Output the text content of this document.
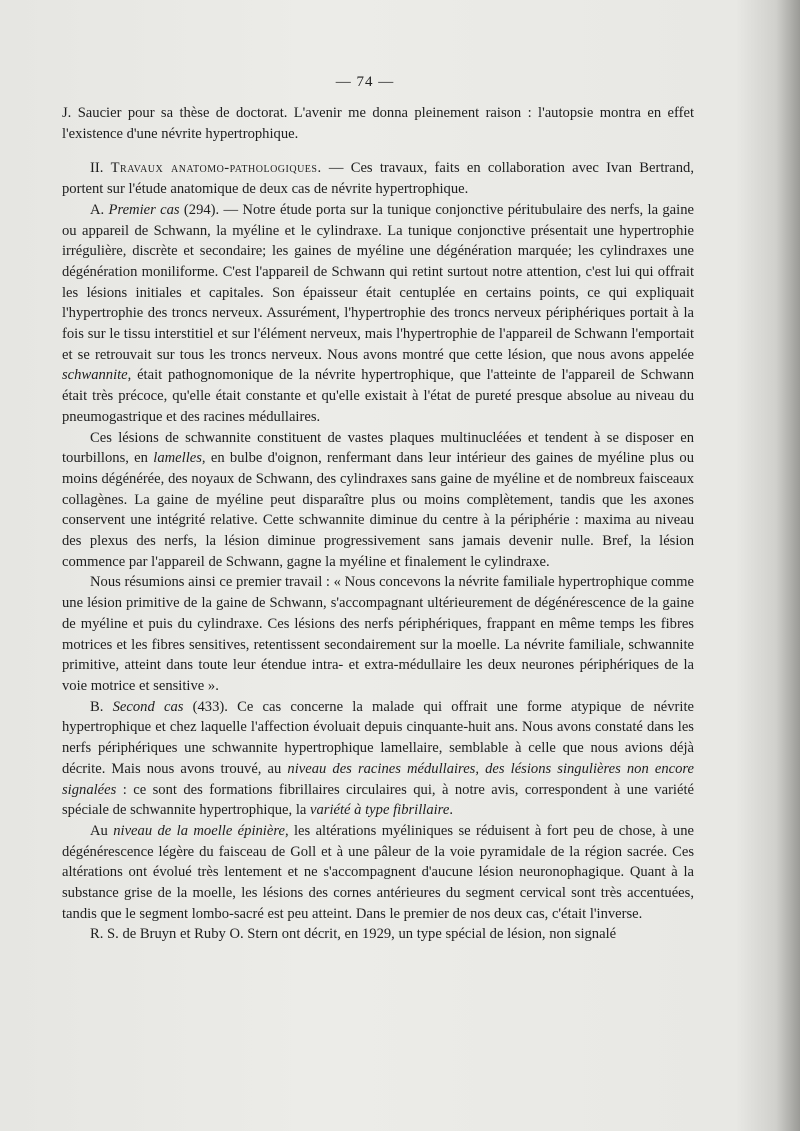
— 74 —

J. Saucier pour sa thèse de doctorat. L'avenir me donna pleinement raison : l'autopsie montra en effet l'existence d'une névrite hypertrophique.

II. Travaux anatomo-pathologiques. — Ces travaux, faits en collaboration avec Ivan Bertrand, portent sur l'étude anatomique de deux cas de névrite hypertrophique.

A. Premier cas (294). — Notre étude porta sur la tunique conjonctive péritubulaire des nerfs, la gaine ou appareil de Schwann, la myéline et le cylindraxe. La tunique conjonctive présentait une hypertrophie irrégulière, discrète et secondaire; les gaines de myéline une dégénération marquée; les cylindraxes une dégénération moniliforme. C'est l'appareil de Schwann qui retint surtout notre attention, c'est lui qui offrait les lésions initiales et capitales. Son épaisseur était centuplée en certains points, ce qui expliquait l'hypertrophie des troncs nerveux. Assurément, l'hypertrophie des troncs nerveux périphériques portait à la fois sur le tissu interstitiel et sur l'élément nerveux, mais l'hypertrophie de l'appareil de Schwann l'emportait et se retrouvait sur tous les troncs nerveux. Nous avons montré que cette lésion, que nous avons appelée schwannite, était pathognomonique de la névrite hypertrophique, que l'atteinte de l'appareil de Schwann était très précoce, qu'elle était constante et qu'elle existait à l'état de pureté presque absolue au niveau du pneumogastrique et des racines médullaires.

Ces lésions de schwannite constituent de vastes plaques multinucléées et tendent à se disposer en tourbillons, en lamelles, en bulbe d'oignon, renfermant dans leur intérieur des gaines de myéline plus ou moins dégénérée, des noyaux de Schwann, des cylindraxes sans gaine de myéline et de nombreux faisceaux collagènes. La gaine de myéline peut disparaître plus ou moins complètement, tandis que les axones conservent une intégrité relative. Cette schwannite diminue du centre à la périphérie : maxima au niveau des plexus des nerfs, la lésion diminue progressivement sans jamais devenir nulle. Bref, la lésion commence par l'appareil de Schwann, gagne la myéline et finalement le cylindraxe.

Nous résumions ainsi ce premier travail : « Nous concevons la névrite familiale hypertrophique comme une lésion primitive de la gaine de Schwann, s'accompagnant ultérieurement de dégénérescence de la gaine de myéline et puis du cylindraxe. Ces lésions des nerfs périphériques, frappant en même temps les fibres motrices et les fibres sensitives, retentissent secondairement sur la moelle. La névrite familiale, schwannite primitive, atteint dans toute leur étendue intra- et extra-médullaire les deux neurones périphériques de la voie motrice et sensitive ».

B. Second cas (433). Ce cas concerne la malade qui offrait une forme atypique de névrite hypertrophique et chez laquelle l'affection évoluait depuis cinquante-huit ans. Nous avons constaté dans les nerfs périphériques une schwannite hypertrophique lamellaire, semblable à celle que nous avions déjà décrite. Mais nous avons trouvé, au niveau des racines médullaires, des lésions singulières non encore signalées : ce sont des formations fibrillaires circulaires qui, à notre avis, correspondent à une variété spéciale de schwannite hypertrophique, la variété à type fibrillaire.

Au niveau de la moelle épinière, les altérations myéliniques se réduisent à fort peu de chose, à une dégénérescence légère du faisceau de Goll et à une pâleur de la voie pyramidale de la région sacrée. Ces altérations ont évolué très lentement et ne s'accompagnent d'aucune lésion neuronophagique. Quant à la substance grise de la moelle, les lésions des cornes antérieures du segment cervical sont très accentuées, tandis que le segment lombo-sacré est peu atteint. Dans le premier de nos deux cas, c'était l'inverse.

R. S. de Bruyn et Ruby O. Stern ont décrit, en 1929, un type spécial de lésion, non signalé
